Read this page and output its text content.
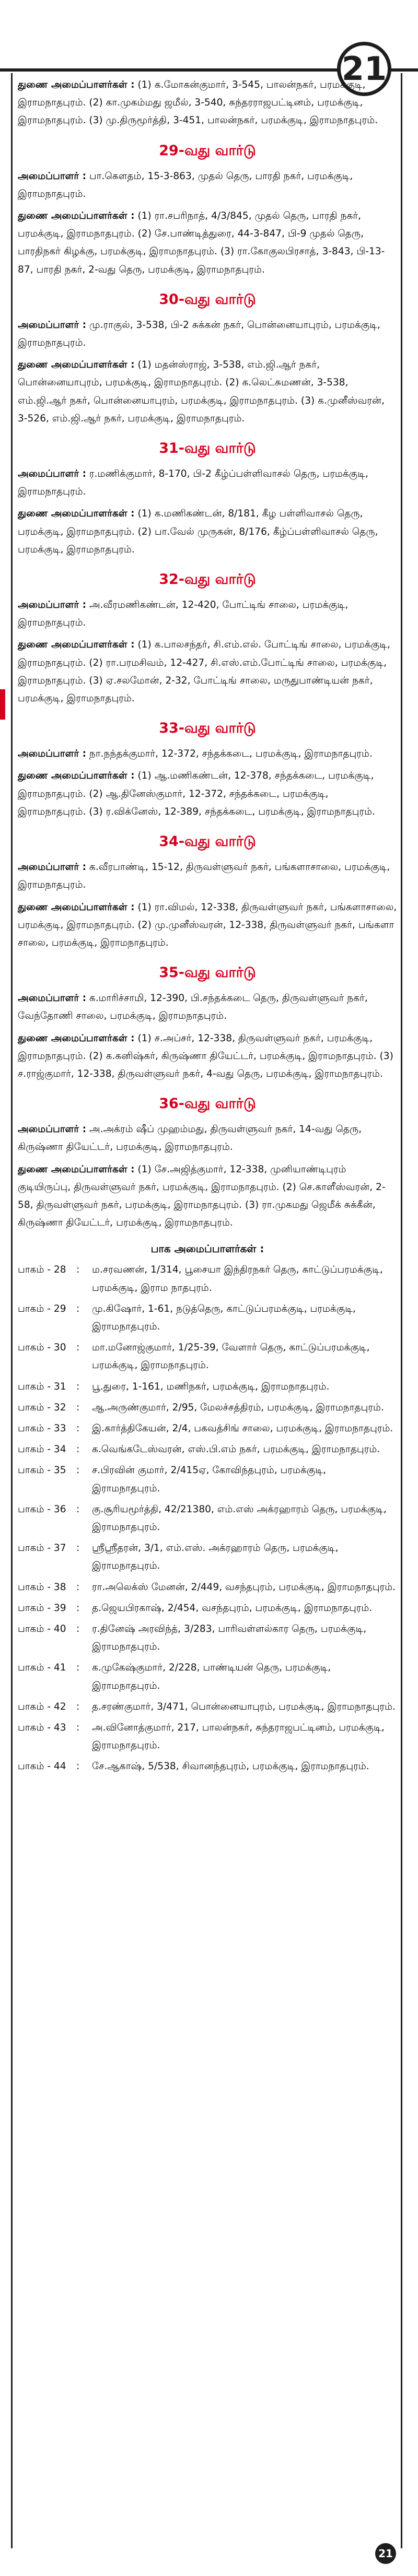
21

துணை அமைப்பாளர்கள் : (1) க.மோகன்குமார், 3-545, பாலன்நகர், பரமக்குடி, இராமநாதபுரம். (2) கா.முகம்மது ஜமீல், 3-540, சுந்தரராஜபட்டினம், பரமக்குடி, இராமநாதபுரம். (3) மு.திருமூர்த்தி, 3-451, பாலன்நகர், பரமக்குடி, இராமநாதபுரம்.

29-வது வார்டு

அமைப்பாளர் : பா.கௌதம், 15-3-863, முதல் தெரு, பாரதி நகர், பரமக்குடி, இராமநாதபுரம்.

துணை அமைப்பாளர்கள் : (1) ரா.சபரிநாத், 4/3/845, முதல் தெரு, பாரதி நகர், பரமக்குடி, இராமநாதபுரம். (2) சே.பாண்டித்துரை, 44-3-847, பி-9 முதல் தெரு, பாரதிநகர் கிழக்கு, பரமக்குடி, இராமநாதபுரம். (3) ரா.கோகுலபிரசாத், 3-843, பி-13-87, பாரதி நகர், 2-வது தெரு, பரமக்குடி, இராமநாதபுரம்.

30-வது வார்டு

அமைப்பாளர் : மு.ராகுல், 3-538, பி-2 சுக்கன் நகர், பொன்னையாபுரம், பரமக்குடி, இராமநாதபுரம்.

துணை அமைப்பாளர்கள் : (1) மதன்ஸ்ராஜ், 3-538, எம்.ஜி.ஆர் நகர், பொன்னையாபுரம், பரமக்குடி, இராமநாதபுரம். (2) க.லெட்சுமணன், 3-538, எம்.ஜி.ஆர் நகர், பொன்னையாபுரம், பரமக்குடி, இராமநாதபுரம். (3) க.முனீஸ்வரன், 3-526, எம்.ஜி.ஆர் நகர், பரமக்குடி, இராமநாதபுரம்.

31-வது வார்டு

அமைப்பாளர் : ர.மணிக்குமார், 8-170, பி-2 கீழ்ப்பள்ளிவாசல் தெரு, பரமக்குடி, இராமநாதபுரம்.

துணை அமைப்பாளர்கள் : (1) க.மணிகண்டன், 8/181, கீழ பள்ளிவாசல் தெரு, பரமக்குடி, இராமநாதபுரம். (2) பா.வேல் முருகன், 8/176, கீழ்ப்பள்ளிவாசல் தெரு, பரமக்குடி, இராமநாதபுரம்.

32-வது வார்டு

அமைப்பாளர் : அ.வீரமணிகண்டன், 12-420, போட்டிங் சாலை, பரமக்குடி, இராமநாதபுரம்.

துணை அமைப்பாளர்கள் : (1) க.பாலசந்தர், சி.எம்.எல். போட்டிங் சாலை, பரமக்குடி, இராமநாதபுரம். (2) ரா.பரமசிவம், 12-427, சி.எஸ்.எம்.போட்டிங் சாலை, பரமக்குடி, இராமநாதபுரம். (3) ஏ.சலமோன், 2-32, போட்டிங் சாலை, மருதுபாண்டியன் நகர், பரமக்குடி, இராமநாதபுரம்.

33-வது வார்டு

அமைப்பாளர் : நா.நந்தக்குமார், 12-372, சந்தக்கடை, பரமக்குடி, இராமநாதபுரம்.

துணை அமைப்பாளர்கள் : (1) ஆ.மணிகண்டன், 12-378, சந்தக்கடை, பரமக்குடி, இராமநாதபுரம். (2) ஆ.தினேஸ்குமார், 12-372, சந்தக்கடை, பரமக்குடி, இராமநாதபுரம். (3) ர.விக்னேஸ், 12-389, சந்தக்கடை, பரமக்குடி, இராமநாதபுரம்.

34-வது வார்டு

அமைப்பாளர் : க.வீரபாண்டி, 15-12, திருவள்ளுவர் நகர், பங்களாசாலை, பரமக்குடி, இராமநாதபுரம்.

துணை அமைப்பாளர்கள் : (1) ரா.விமல், 12-338, திருவள்ளுவர் நகர், பங்களாசாலை, பரமக்குடி, இராமநாதபுரம். (2) மு.முனீஸ்வரன், 12-338, திருவள்ளுவர் நகர், பங்களா சாலை, பரமக்குடி, இராமநாதபுரம்.

35-வது வார்டு

அமைப்பாளர் : க.மாரிச்சாமி, 12-390, பி.சந்தக்கடை தெரு, திருவள்ளுவர் நகர், வேந்தோணி சாலை, பரமக்குடி, இராமநாதபுரம்.

துணை அமைப்பாளர்கள் : (1) ச.அப்சர், 12-338, திருவள்ளுவர் நகர், பரமக்குடி, இராமநாதபுரம். (2) க.கனிஷ்கர், கிருஷ்ணா தியேட்டர், பரமக்குடி, இராமநாதபுரம். (3) ச.ராஜ்குமார், 12-338, திருவள்ளுவர் நகர், 4-வது தெரு, பரமக்குடி, இராமநாதபுரம்.

36-வது வார்டு

அமைப்பாளர் : அ.அக்ரம் ஷீப் முஹம்மது, திருவள்ளுவர் நகர், 14-வது தெரு, கிருஷ்ணா தியேட்டர், பரமக்குடி, இராமநாதபுரம்.

துணை அமைப்பாளர்கள் : (1) சே.அஜித்குமார், 12-338, முனியாண்டிபுரம் குடியிருப்பு, திருவள்ளுவர் நகர், பரமக்குடி, இராமநாதபுரம். (2) செ.காளீஸ்வரன், 2-58, திருவள்ளுவர் நகர், பரமக்குடி, இராமநாதபுரம். (3) ரா.முகமது ஜெமீக் சுக்கீன், கிருஷ்ணா தியேட்டர், பரமக்குடி, இராமநாதபுரம்.

பாக அமைப்பாளர்கள் :
பாகம் - 28	:	ம.சரவணன், 1/314, பூசையா இந்திரநகர் தெரு, காட்டுப்பரமக்குடி, பரமக்குடி, இராம நாதபுரம்.
பாகம் - 29	:	மு.கிஷோர், 1-61, நடுத்தெரு, காட்டுப்பரமக்குடி, பரமக்குடி, இராமநாதபுரம்.
பாகம் - 30	:	மா.மனோஜ்குமார், 1/25-39, வேளார் தெரு, காட்டுப்பரமக்குடி, பரமக்குடி, இராமநாதபுரம்.
பாகம் - 31	:	பூ.துரை, 1-161, மணிநகர், பரமக்குடி, இராமநாதபுரம்.
பாகம் - 32	:	ஆ.அருண்குமார், 2/95, மேலச்சத்திரம், பரமக்குடி, இராமநாதபுரம்.
பாகம் - 33	:	இ.கார்த்திகேயன், 2/4, பகவத்சிங் சாலை, பரமக்குடி, இராமநாதபுரம்.
பாகம் - 34	:	க.வெங்கடேஸ்வரன், எஸ்.பி.எம் நகர், பரமக்குடி, இராமநாதபுரம்.
பாகம் - 35	:	ச.பிரவின் குமார், 2/415ஏ, கோவிந்தபுரம், பரமக்குடி, இராமநாதபுரம்.
பாகம் - 36	:	கு.சூரியமூர்த்தி, 42/21380, எம்.எஸ் அக்ரஹாரம் தெரு, பரமக்குடி, இராமநாதபுரம்.
பாகம் - 37	:	ஸ்ரீஸ்ரீதரன், 3/1, எம்.எஸ். அக்ரஹாரம் தெரு, பரமக்குடி, இராமநாதபுரம்.
பாகம் - 38	:	ரா.அலெக்ஸ் மேனன், 2/449, வசந்தபுரம், பரமக்குடி, இராமநாதபுரம்.
பாகம் - 39	:	த.ஜெயபிரகாஷ், 2/454, வசந்தபுரம், பரமக்குடி, இராமநாதபுரம்.
பாகம் - 40	:	ர.தினேஷ் அரவிந்த், 3/283, பாரிவள்ளல்கார தெரு, பரமக்குடி, இராமநாதபுரம்.
பாகம் - 41	:	க.முகேஷ்குமார், 2/228, பாண்டியன் தெரு, பரமக்குடி, இராமநாதபுரம்.
பாகம் - 42	:	த.சரண்குமார், 3/471, பொன்னையாபுரம், பரமக்குடி, இராமநாதபுரம்.
பாகம் - 43	:	அ.வினோத்குமார், 217, பாலன்நகர், சுந்தராஜபட்டினம், பரமக்குடி, இராமநாதபுரம்.
பாகம் - 44	:	சே.ஆகாஷ், 5/538, சிவானந்தபுரம், பரமக்குடி, இராமநாதபுரம்.
21
